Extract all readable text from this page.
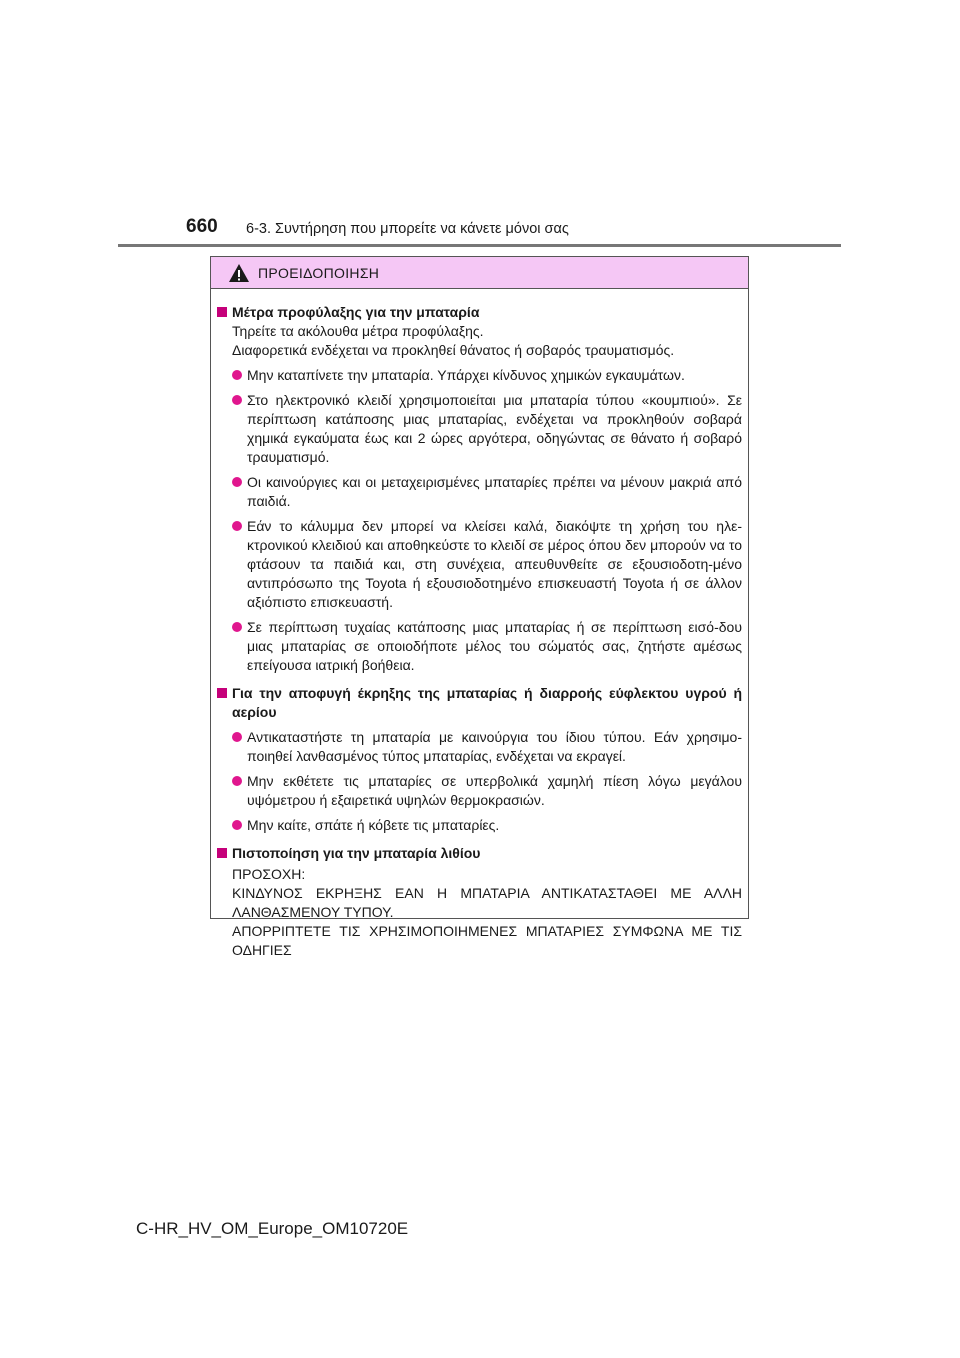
660 6-3. Συντήρηση που μπορείτε να κάνετε μόνοι σας
ΠΡΟΕΙΔΟΠΟΙΗΣΗ
Μέτρα προφύλαξης για την μπαταρία
Τηρείτε τα ακόλουθα μέτρα προφύλαξης.
Διαφορετικά ενδέχεται να προκληθεί θάνατος ή σοβαρός τραυματισμός.
Μην καταπίνετε την μπαταρία. Υπάρχει κίνδυνος χημικών εγκαυμάτων.
Στο ηλεκτρονικό κλειδί χρησιμοποιείται μια μπαταρία τύπου «κουμπιού». Σε περίπτωση κατάποσης μιας μπαταρίας, ενδέχεται να προκληθούν σοβαρά χημικά εγκαύματα έως και 2 ώρες αργότερα, οδηγώντας σε θάνατο ή σοβαρό τραυματισμό.
Οι καινούργιες και οι μεταχειρισμένες μπαταρίες πρέπει να μένουν μακριά από παιδιά.
Εάν το κάλυμμα δεν μπορεί να κλείσει καλά, διακόψτε τη χρήση του ηλε-κτρονικού κλειδιού και αποθηκεύστε το κλειδί σε μέρος όπου δεν μπορούν να το φτάσουν τα παιδιά και, στη συνέχεια, απευθυνθείτε σε εξουσιοδοτη-μένο αντιπρόσωπο της Toyota ή εξουσιοδοτημένο επισκευαστή Toyota ή σε άλλον αξιόπιστο επισκευαστή.
Σε περίπτωση τυχαίας κατάποσης μιας μπαταρίας ή σε περίπτωση εισό-δου μιας μπαταρίας σε οποιοδήποτε μέλος του σώματός σας, ζητήστε αμέσως επείγουσα ιατρική βοήθεια.
Για την αποφυγή έκρηξης της μπαταρίας ή διαρροής εύφλεκτου υγρού ή αερίου
Αντικαταστήστε τη μπαταρία με καινούργια του ίδιου τύπου. Εάν χρησιμο-ποιηθεί λανθασμένος τύπος μπαταρίας, ενδέχεται να εκραγεί.
Μην εκθέτετε τις μπαταρίες σε υπερβολικά χαμηλή πίεση λόγω μεγάλου υψόμετρου ή εξαιρετικά υψηλών θερμοκρασιών.
Μην καίτε, σπάτε ή κόβετε τις μπαταρίες.
Πιστοποίηση για την μπαταρία λιθίου
ΠΡΟΣΟΧΗ:
ΚΙΝΔΥΝΟΣ ΕΚΡΗΞΗΣ ΕΑΝ Η ΜΠΑΤΑΡΙΑ ΑΝΤΙΚΑΤΑΣΤΑΘΕΙ ΜΕ ΑΛΛΗ ΛΑΝΘΑΣΜΕΝΟΥ ΤΥΠΟΥ.
ΑΠΟΡΡΙΠΤΕΤΕ ΤΙΣ ΧΡΗΣΙΜΟΠΟΙΗΜΕΝΕΣ ΜΠΑΤΑΡΙΕΣ ΣΥΜΦΩΝΑ ΜΕ ΤΙΣ ΟΔΗΓΙΕΣ
C-HR_HV_OM_Europe_OM10720E
